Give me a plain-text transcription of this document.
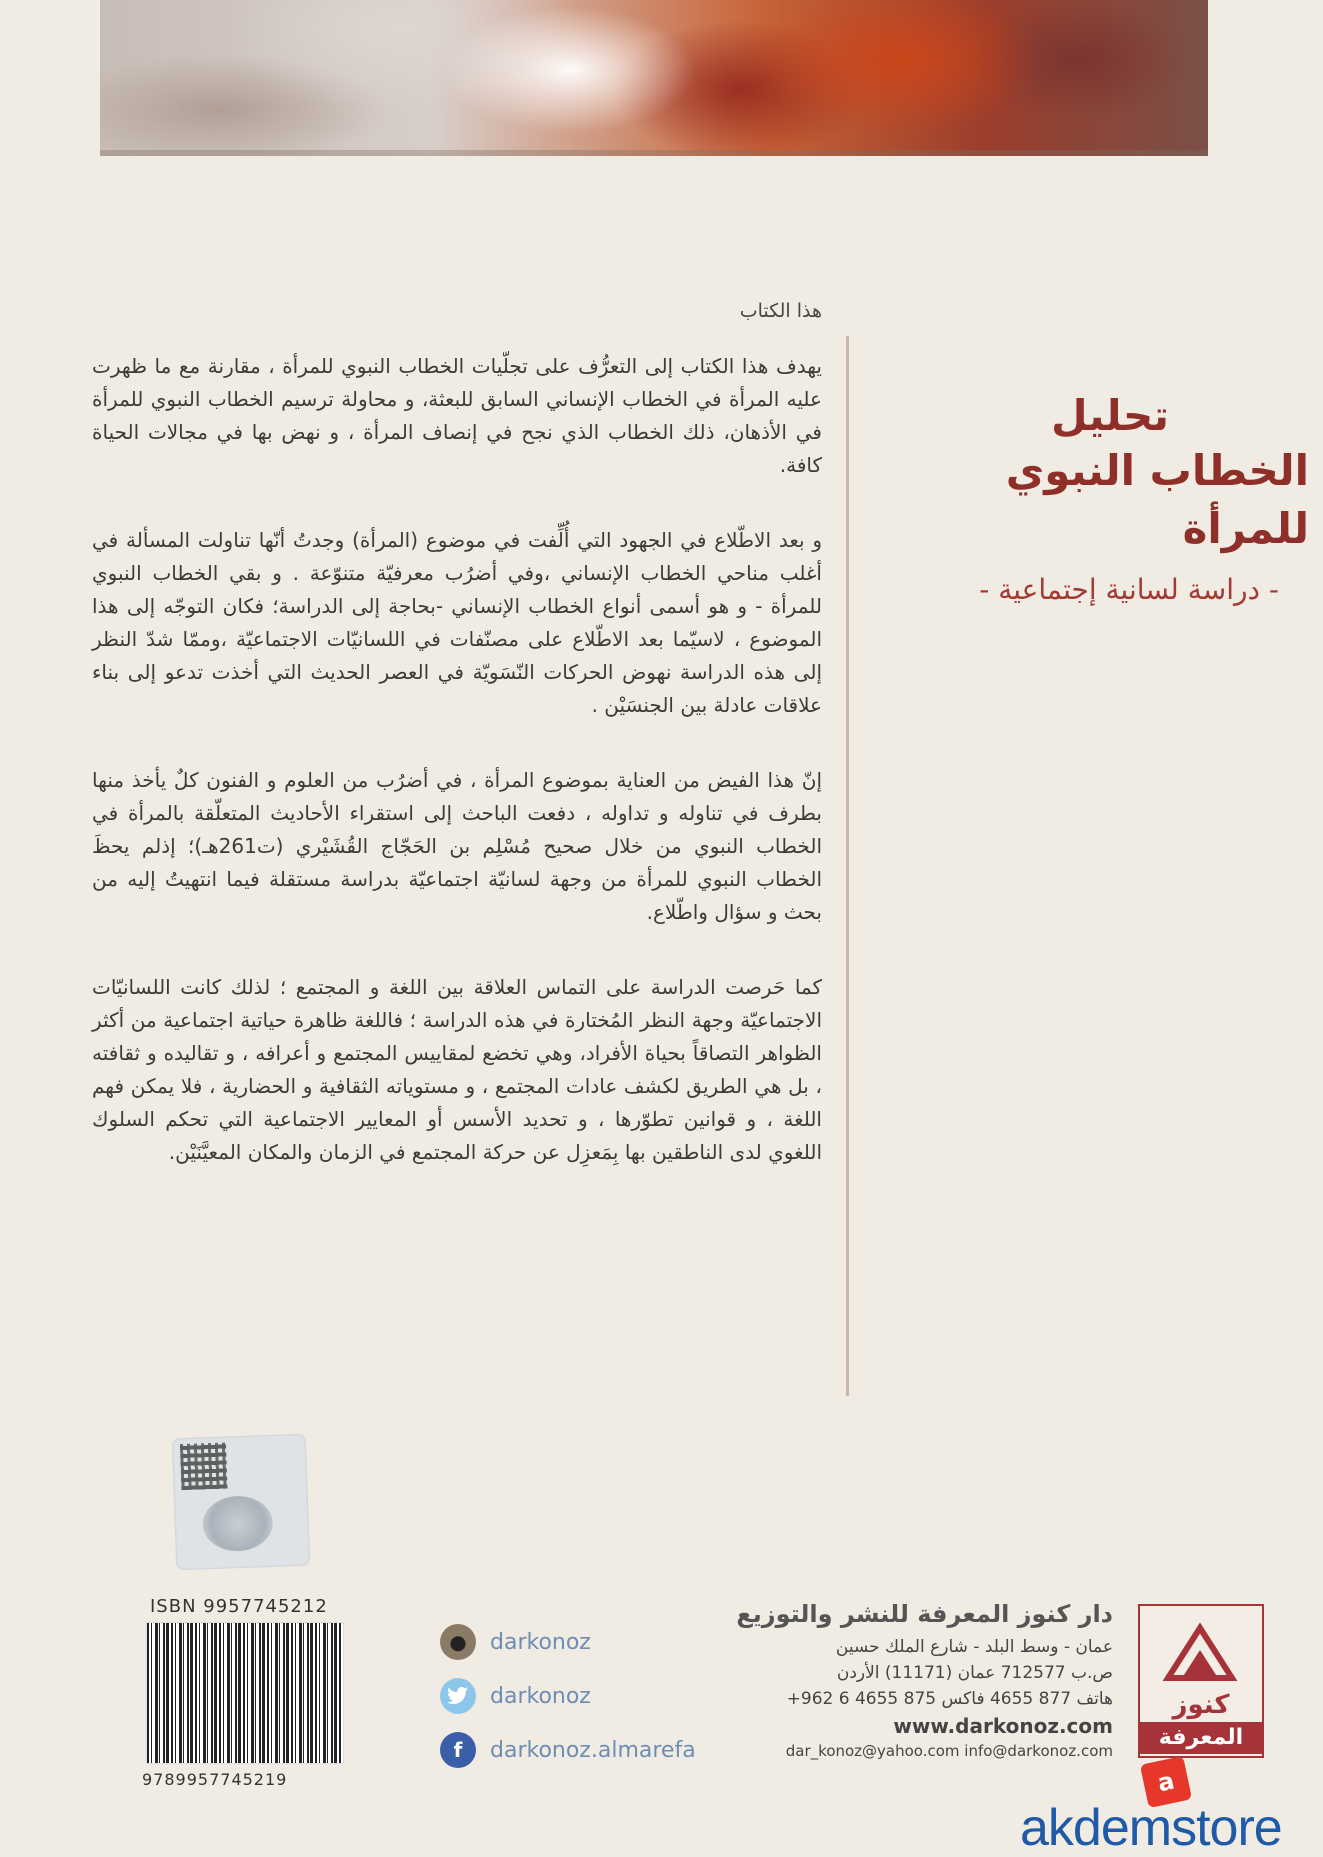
تحليل
الخطاب النبوي للمرأة
- دراسة لسانية إجتماعية -
هذا الكتاب

يهدف هذا الكتاب إلى التعرُّف على تجلّيات الخطاب النبوي للمرأة ، مقارنة مع ما ظهرت عليه المرأة في الخطاب الإنساني السابق للبعثة، و محاولة ترسيم الخطاب النبوي للمرأة في الأذهان، ذلك الخطاب الذي نجح في إنصاف المرأة ، و نهض بها في مجالات الحياة كافة.

و بعد الاطّلاع في الجهود التي أُلِّفت في موضوع (المرأة) وجدتُ أنّها تناولت المسألة في أغلب مناحي الخطاب الإنساني ،وفي أضرُب معرفيّة متنوّعة . و بقي الخطاب النبوي للمرأة - و هو أسمى أنواع الخطاب الإنساني -بحاجة إلى الدراسة؛ فكان التوجّه إلى هذا الموضوع ، لاسيّما بعد الاطّلاع على مصنّفات في اللسانيّات الاجتماعيّة ،وممّا شدّ النظر إلى هذه الدراسة نهوض الحركات النّسَويّة في العصر الحديث التي أخذت تدعو إلى بناء علاقات عادلة بين الجنسَيْن .

إنّ هذا الفيض من العناية بموضوع المرأة ، في أضرُب من العلوم و الفنون كلٌ يأخذ منها بطرف في تناوله و تداوله ، دفعت الباحث إلى استقراء الأحاديث المتعلّقة بالمرأة في الخطاب النبوي من خلال صحيح مُسْلِم بن الحَجّاج القُشَيْري (ت261هـ)؛ إذلم يحظَ الخطاب النبوي للمرأة من وجهة لسانيّة اجتماعيّة بدراسة مستقلة فيما انتهيتُ إليه من بحث و سؤال واطّلاع.

كما حَرصت الدراسة على التماس العلاقة بين اللغة و المجتمع ؛ لذلك كانت اللسانيّات الاجتماعيّة وجهة النظر المُختارة في هذه الدراسة ؛ فاللغة ظاهرة حياتية اجتماعية من أكثر الظواهر التصاقاً بحياة الأفراد، وهي تخضع لمقاييس المجتمع و أعرافه ، و تقاليده و ثقافته ، بل هي الطريق لكشف عادات المجتمع ، و مستوياته الثقافية و الحضارية ، فلا يمكن فهم اللغة ، و قوانين تطوّرها ، و تحديد الأسس أو المعايير الاجتماعية التي تحكم السلوك اللغوي لدى الناطقين بها بِمَعزِل عن حركة المجتمع في الزمان والمكان المعيَّنَيْن.

ISBN 9957745212
9789957745219
darkonoz
darkonoz
f	darkonoz.almarefa
دار كنوز المعرفة للنشر والتوزيع
عمان - وسط البلد - شارع الملك حسين
ص.ب 712577 عمان (11171) الأردن
هاتف 877 4655 فاكس 875 4655 6 962+
www.darkonoz.com
dar_konoz@yahoo.com info@darkonoz.com
كنوز
المعرفة
a
akdemstore
